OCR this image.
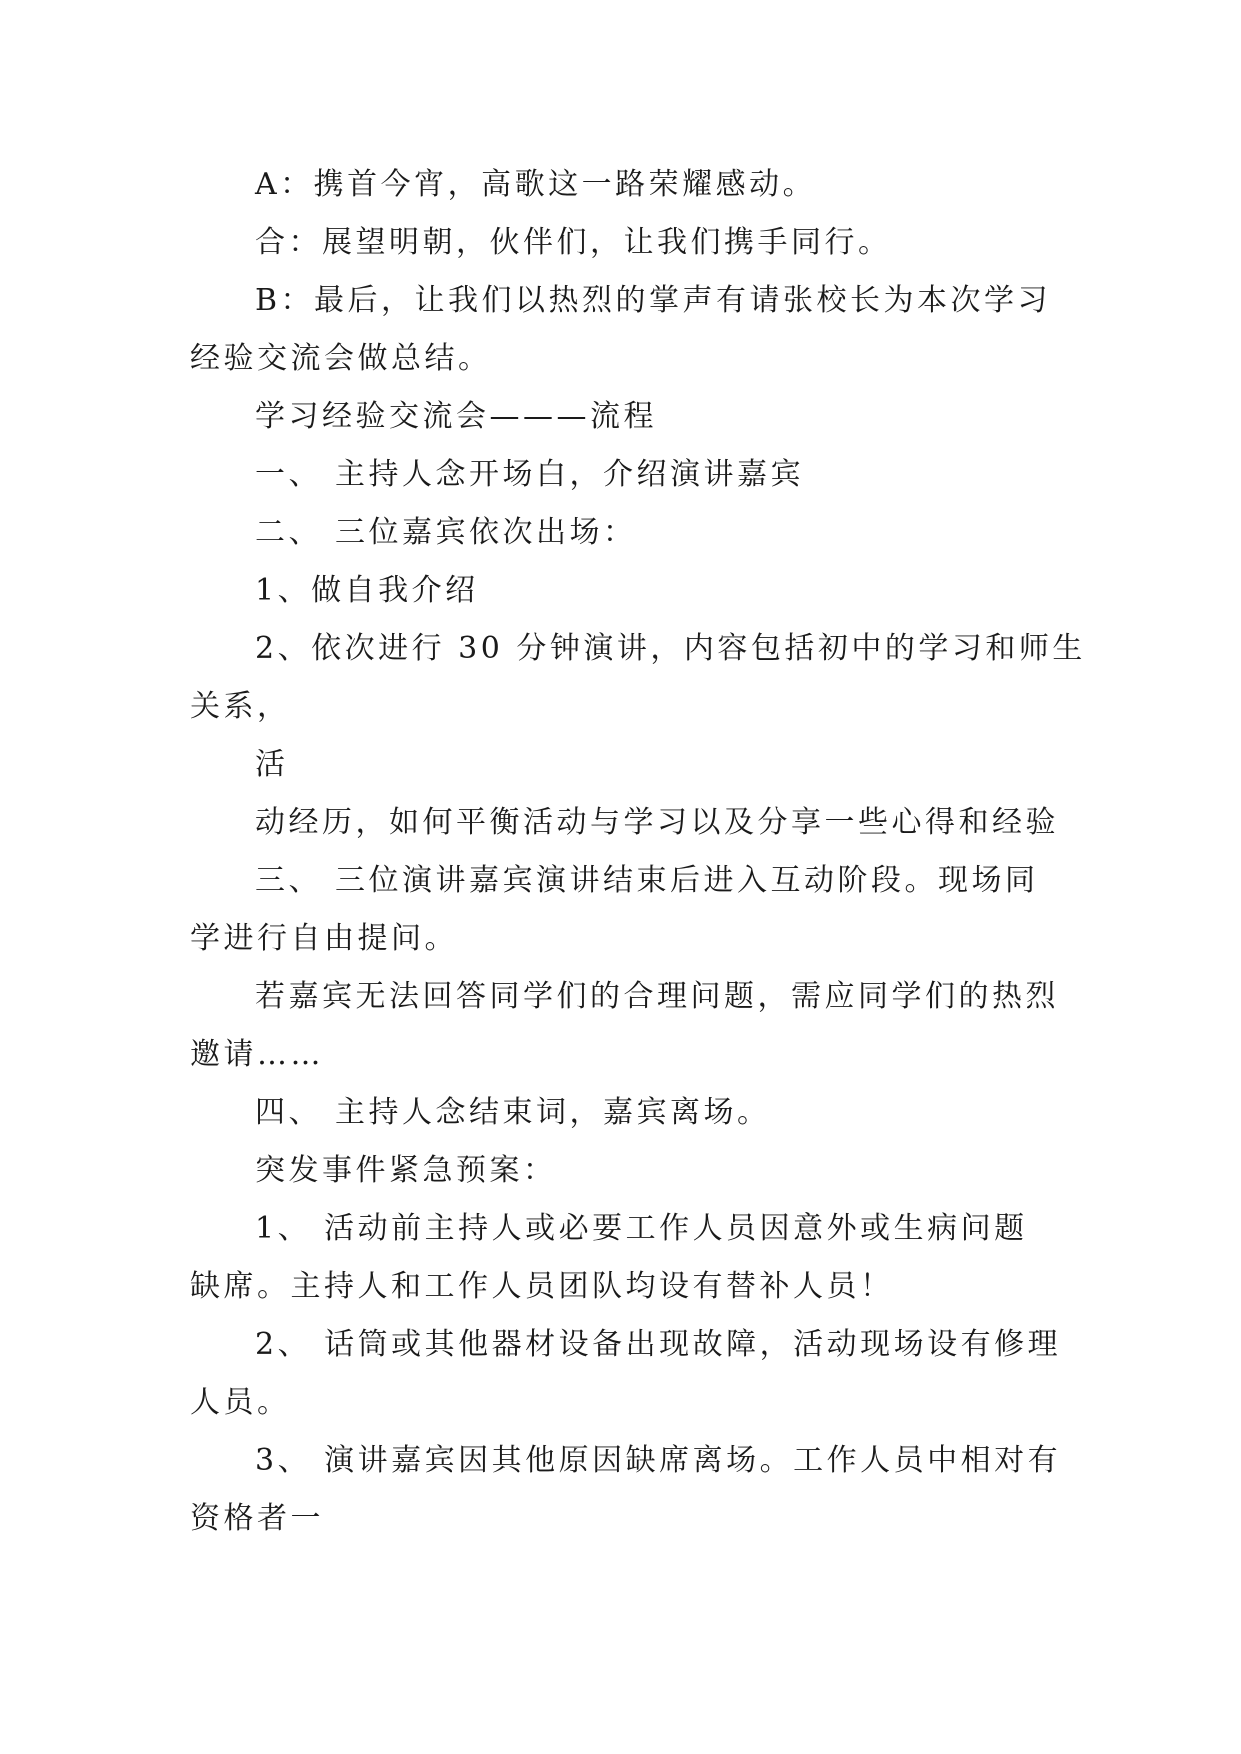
A：携首今宵，高歌这一路荣耀感动。
合：展望明朝，伙伴们，让我们携手同行。
B：最后，让我们以热烈的掌声有请张校长为本次学习
经验交流会做总结。
学习经验交流会———流程
一、 主持人念开场白，介绍演讲嘉宾
二、 三位嘉宾依次出场：
1、做自我介绍
2、依次进行 30 分钟演讲，内容包括初中的学习和师生
关系，
活
动经历，如何平衡活动与学习以及分享一些心得和经验
三、 三位演讲嘉宾演讲结束后进入互动阶段。现场同
学进行自由提问。
若嘉宾无法回答同学们的合理问题，需应同学们的热烈
邀请……
四、 主持人念结束词，嘉宾离场。
突发事件紧急预案：
1、 活动前主持人或必要工作人员因意外或生病问题
缺席。主持人和工作人员团队均设有替补人员！
2、 话筒或其他器材设备出现故障，活动现场设有修理
人员。
3、 演讲嘉宾因其他原因缺席离场。工作人员中相对有
资格者一
